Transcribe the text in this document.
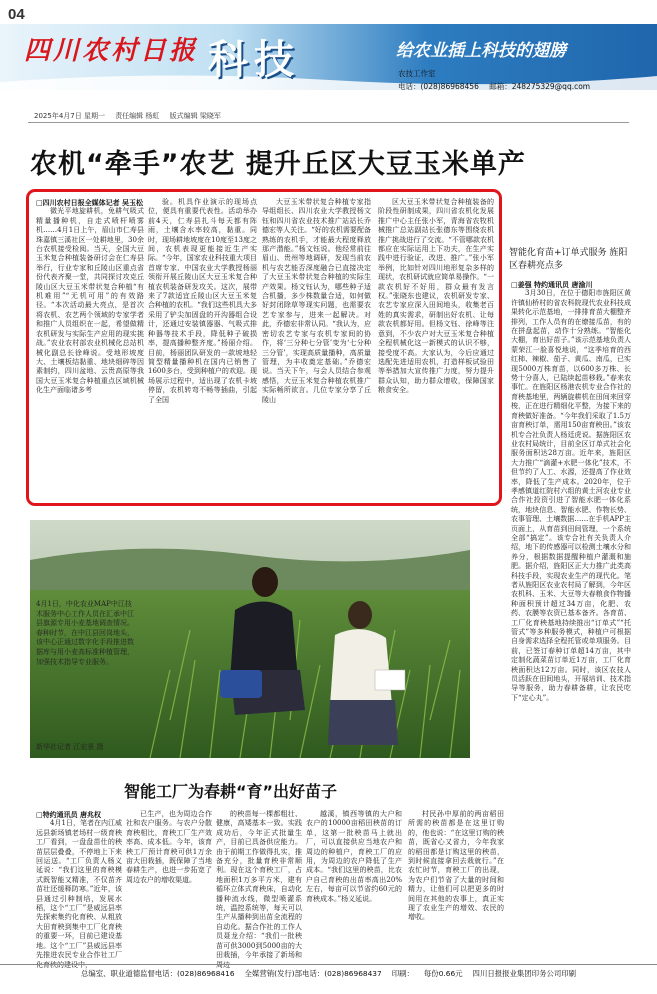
04
四川农村日报 科技	给农业插上科技的翅膀
农技工作室
电话：(028)86968456 邮箱：248275329@qq.com
2025年4月7日 星期一 责任编辑 杨虹 版式编辑 梁晓军
农机“牵手”农艺 提升丘区大豆玉米单产

□四川农村日报全媒体记者 吴玉松

微光平地旋耕机，免耕气吸式精量播种机，自走式喷杆喷雾机……4月1日上午，眉山市仁寿县珠嘉镇三溪社区一处耕地里，30余台农机接受检阅。当天，全国大豆玉米复合种植装备研讨会在仁寿县举行，行业专家和丘陵山区重点省份代表齐聚一堂，共同探讨攻克丘陵山区大豆玉米带状复合种植“有机难用”“无机可用”的有效路径。“本次活动最大亮点，是首次将农机、农艺两个领域的专家学者和推广人员组织在一起，希望做精农机研发与实际生产应用的现实挑战。”农业农村部农业机械化总站机械化副总长徐峰说。受地形坡度大、土壤板结黏重、地块细碎等因素制约，四川盆地、云贵高原等我国大豆玉米复合种植重点区域机械化生产面临诸多考

验。机具作业演示的现场点位，便具有重要代表性。活动举办前4天，仁寿县扎斗每天都有阵雨，土壤含水率较高，黏重。同时，现场耕地坡度在10度至13度之间，农机表现更能接近生产实际。“今年，国家农业科技重大项目首席专家、中国农业大学教授杨丽领衔开展丘陵山区大豆玉米复合种植农机装备研发攻关。这次，展带来了7款适宜丘陵山区大豆玉米复合种植的农机。“我们这些机具大多采用了铲尖加固盘的开沟器组合设计，还通过安装镇器器、气吸式排种器等技术手段，降低种子破损率，提高播种整齐度。”杨丽介绍。目前，杨丽团队研发的一款坡地轻简型精量播种机在国内已销售了1600多台，受到种植户的欢迎。现场展示过程中，适出现了农机卡坡停留，农机转弯不畅等插曲，引起了全国

大豆玉米带状复合种植专家指导组组长、四川农业大学教授杨文钰和四川省农业技术推广站站长乔德宏等人关注。“好的农机需要配备熟练的农机手，才能最大程度释放那产潜能。”杨文钰说。他经常前往眉山、贵州等地调研，发现当前农机与农艺能否深度融合已直接决定了大豆玉米带状复合种植的实际生产效果。杨文钰认为，哪些种子适合机播，多少株数量合适，如何做好封闭除草等现实问题，也需要农艺专家参与，进来一起解决。对此，乔德宏非常认同。“我认为，应密切农艺专家与农机专家间的协作，将‘三分种七分管’变为‘七分种三分管’，实现高质量播种，高质量管理，为丰收奠定基础。”乔德宏说。当天下午，与会人员结合参观感悟，大豆玉米复合种植农机推广实际畅所欲言。几位专家分享了丘陵山

区大豆玉米带状复合种植装备的阶段性研制成果，四川省农机化发展推广中心主任张小军，青海省农牧机械推广总站副站长张德东等围绕农机推广挑战进行了交流。“不管哪款农机都应在实际运用上下功夫，在生产实践中进行验证，改进、推广。”张小军举例，比如针对四川地形复杂多样的现状，农机研试就应简单易操作。“一款农机好不好用，群众最有发言权。”张晓东也建议，农机研发专家、农艺专家应深入田间地头，收集老百姓的真实需求，研制出好农机、让每款农机都好用。但杨文钰、徐峰等注意到，不少农户对大豆玉米复合种植全程机械化这一新模式的认识不够，接受度不高。大家认为，今后应通过选配先进适用农机，打造样板试验田等举措加大宣传推广力度，努力提升群众认知，助力群众增收，保障国家粮食安全。

智能化育苗+订单式服务 旌阳区春耕亮点多

□姜强 特约通讯员 唐渝川

3月30日，在位于德阳市旌阳区黄许镇仙桥村的省农科院现代农业科技成果转化示范基地，一排排育苗大棚整齐排列，工作人员有的在缭接瓜苗，有的在拼盘起苗，动作十分熟练。“智能化大棚，育出好苗子。”该示范基地负责人蒙荣江一脸喜悦地说，“这季培育的西红柿、辣椒、茄子、黄瓜、南瓜，已实现5000万株育苗，以600多万株、长势十分喜人，已陆续起苗移栽。”春来农事忙。在旌阳区杨港农机专业合作社的育秧基地里，两辆旋耕机在田间来回穿梭，正在进行精细化平整，为接下来的育秧做好准备。“今年我们采取了1.5万亩育秧订单，需用150亩育秧田。”该农机专合社负责人杨廷虎说。据旌阳区农业农村局统计，目前全区订单式社会化服务面积达28万亩。近年来，旌阳区大力推广“滴灌+水肥一体化”技术，不但节约了人工、水源，还提高了作业效率，降低了生产成本。2020年，位于孝感镇道红院村六组的黄土河农业专业合作社投资引进了智能水肥一体化系统，地块信息、智能水肥、作物长势、农事管理、土壤数据……在手机APP主页面上，从育苗到田间管理，一个系统全部“搞定”。该专合社有关负责人介绍，地下的传感器可以检测土壤水分和养分，根据数据提醒种植户灌溉和施肥。据介绍，旌阳区正大力推广此类高科技手段，实现农业生产的现代化。笔者从旌阳区农业农村局了解到，今年区农机科、玉米、大豆等大春粮食作物播种面积预计超过34万亩，化肥、农药、农膜等农资已基本备齐。各育苗、工厂化育秧基地持续推出“订单式”“托管式”等多种服务模式，种植户可根据自身需求选择全程托管或单项服务。目前，已签订春种订单超14万亩，其中定制化蔬菜苗订单近1万亩，工厂化育秧面积达12万亩。同时，该区农技人员活跃在田间地头，开展培训、技术指导等服务，助力春耕备耕，让农民吃下“定心丸”。

4月1日，中化农业MAP中江技术服务中心工作人员在汇承中江县旗源专用小麦基地调查情况。春种时节，在中江县回岗地头，该中心正通过数字化手段推进数据库与用小麦高标准种植管理，加强技术指导专业服务。
新华社记者 江宏景 摄
智能工厂为春耕“育”出好苗子

□特约通讯员 唐兆权

4月1日，笔者在内江威远县新场镇老场村一级育秧工厂看到，一盘盘苗仕的秧苗层层叠叠，不停地上下来回运送。“工厂负责人杨义延说：“我们这里的育秧模式既智能又精准，不仅苗齐苗壮还缓释防寒。”近年，该县通过引种制培，发展水稻，这个“工厂”是威远县率先探索集约化育秧、从粗放大田育秧到集中工厂化育秧的重要一环，目前已建设基地。这个“工厂”县威远县率先推进农民专业合作社工厂化育秧的建设中，

已生产，也为周边合作社和农户服务。与农户分散育秧相比，育秧工厂生产效率高、成本低。今年，该育秧工厂预计育秧可供1万余亩大田栽插，既保障了当地春耕生产，也进一步拓宽了周边农户的增收渠道。

的秧苗每一棵都粗壮、健康，高矮基本一致。实践成功后，今年正式批量生产，目前已具备供应能力。由于前期工作做得扎实，推备充分，批量育秧非常顺利。现在这个育秧工厂，占地面积1万多平方米，建有循环立体式育秧床，自动化播种流水线，微型喷灌系统，温控系统等，每天可以生产从播种到出苗全流程的自动化。据合作社的工作人员聂龙介绍：“我们一批秧苗可供3000到5000亩的大田栽插，今年承接了新场和周边

越溪，镇西等镇的大户和农户的10000亩稻田秧苗的订单，这第一批秧苗马上就出厂，可以直接供应当地农户和周边的种植户，育秧工厂的应用，为周边的农户降低了生产成本。“我们这里的秧苗，比农户自己育秧的出苗率高出20%左右，每亩可以节省约60元的育秧成本。”杨义延说。

村民孙中厚前的两亩稻田所需的秧苗都是在这里订购的，他也说：“在这里订购的秧苗，既省心又省力，今年我家的稻田都是订购这里的秧苗，到时候直接拿回去栽就行。”在农忙时节，育秧工厂的出现，为农户们节省了大量的时间和精力，让他们可以把更多的时间用在其他的农事上，真正实现了农业生产的增效、农民的增收。

总编室、职业道德监督电话：(028)86968416 全媒营销(发行)部电话：(028)86968437 印刷： 每份0.66元 四川日报报业集团印务公司印刷
